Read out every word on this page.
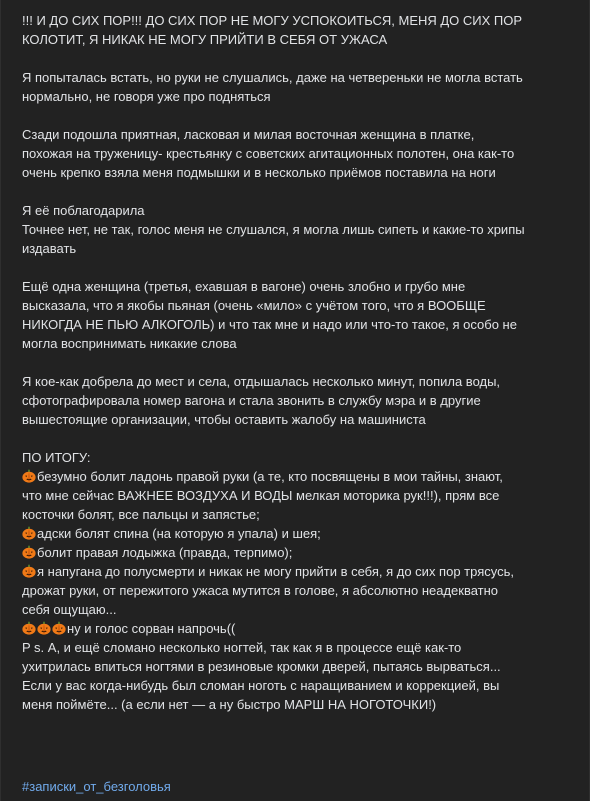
!!! И ДО СИХ ПОР!!! ДО СИХ ПОР НЕ МОГУ УСПОКОИТЬСЯ, МЕНЯ ДО СИХ ПОР
КОЛОТИТ, Я НИКАК НЕ МОГУ ПРИЙТИ В СЕБЯ ОТ УЖАСА
Я попыталась встать, но руки не слушались, даже на четвереньки не могла встать
нормально, не говоря уже про подняться
Сзади подошла приятная, ласковая и милая восточная женщина в платке,
похожая на труженицу- крестьянку с советских агитационных полотен, она как-то
очень крепко взяла меня подмышки и в несколько приёмов поставила на ноги
Я её поблагодарила
Точнее нет, не так, голос меня не слушался, я могла лишь сипеть и какие-то хрипы
издавать
Ещё одна женщина (третья, ехавшая в вагоне) очень злобно и грубо мне
высказала, что я якобы пьяная (очень «мило» с учётом того, что я ВООБЩЕ
НИКОГДА НЕ ПЬЮ АЛКОГОЛЬ) и что так мне и надо или что-то такое, я особо не
могла воспринимать никакие слова
Я кое-как добрела до мест и села, отдышалась несколько минут, попила воды,
сфотографировала номер вагона и стала звонить в службу мэра и в другие
вышестоящие организации, чтобы оставить жалобу на машиниста
ПО ИТОГУ:
безумно болит ладонь правой руки (а те, кто посвящены в мои тайны, знают,
что мне сейчас ВАЖНЕЕ ВОЗДУХА И ВОДЫ мелкая моторика рук!!!), прям все
косточки болят, все пальцы и запястье;
адски болят спина (на которую я упала) и шея;
болит правая лодыжка (правда, терпимо);
я напугана до полусмерти и никак не могу прийти в себя, я до сих пор трясусь,
дрожат руки, от пережитого ужаса мутится в голове, я абсолютно неадекватно
себя ощущаю...
ну и голос сорван напрочь((
P s. А, и ещё сломано несколько ногтей, так как я в процессе ещё как-то
ухитрилась впиться ногтями в резиновые кромки дверей, пытаясь вырваться...
Если у вас когда-нибудь был сломан ноготь с наращиванием и коррекцией, вы
меня поймёте... (а если нет — а ну быстро МАРШ НА НОГОТОЧКИ!)
#записки_от_безголовья
